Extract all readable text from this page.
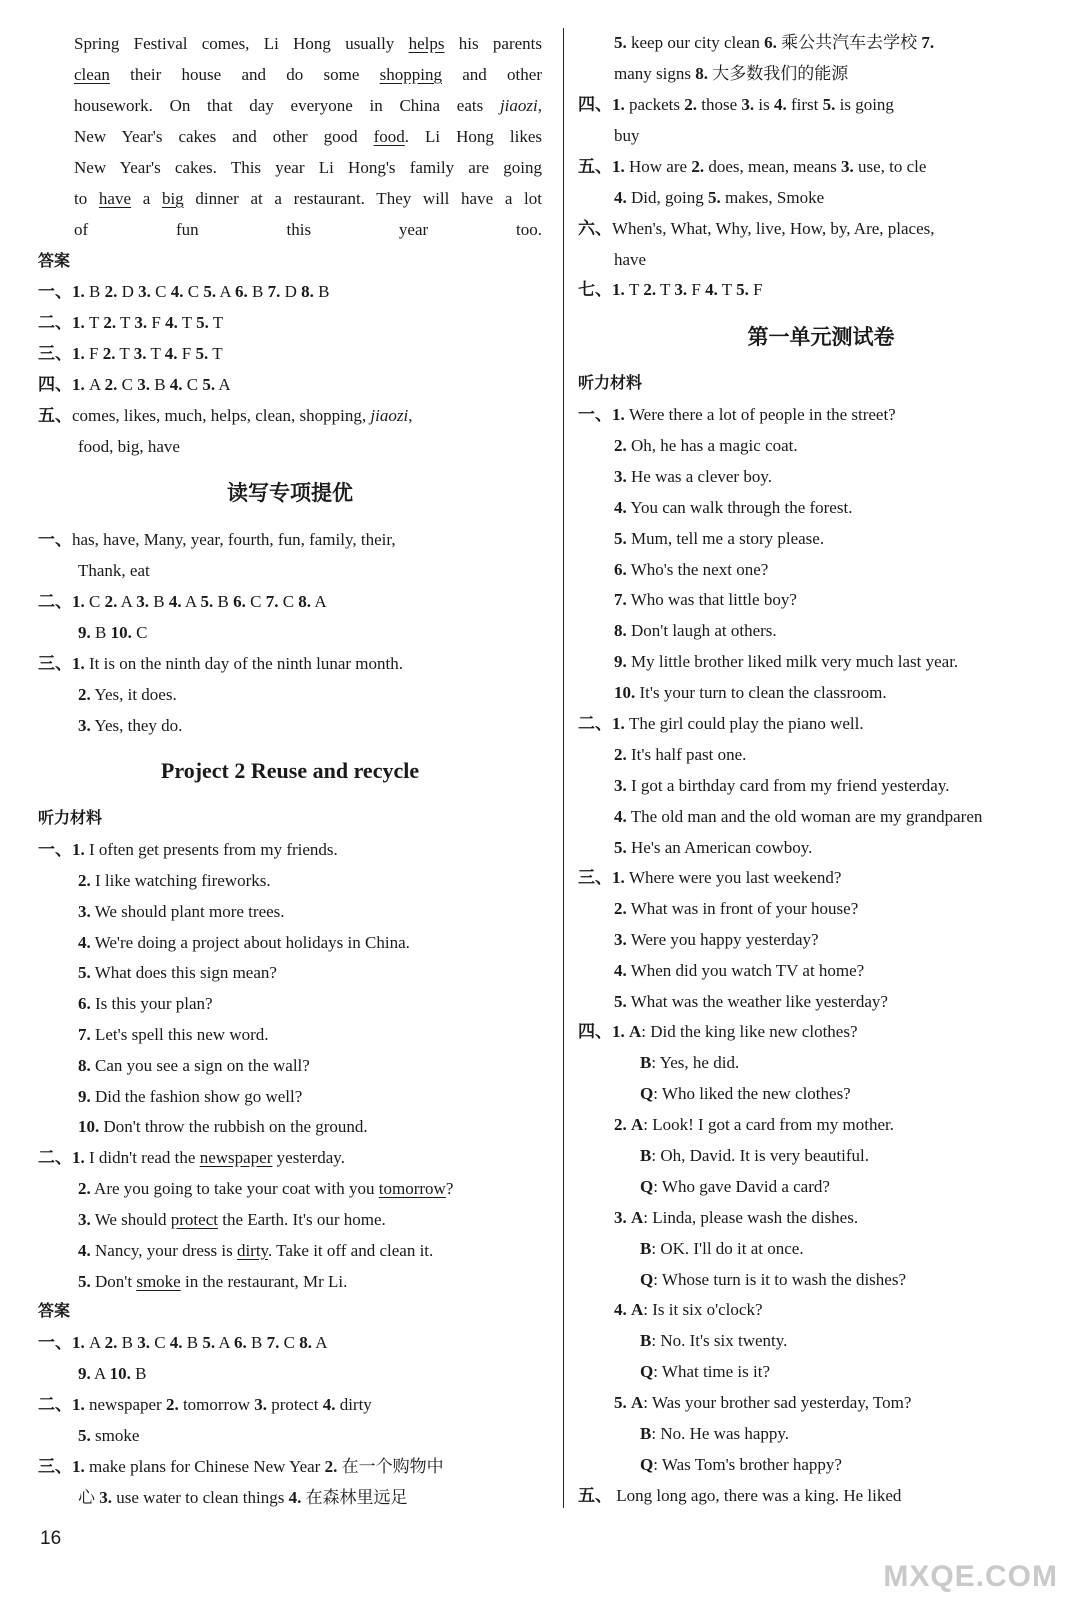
Spring Festival comes, Li Hong usually helps his parents
clean their house and do some shopping and other
housework. On that day everyone in China eats jiaozi,
New Year's cakes and other good food. Li Hong likes
New Year's cakes. This year Li Hong's family are going
to have a big dinner at a restaurant. They will have a lot
of fun this year too.
答案
一、1. B 2. D 3. C 4. C 5. A 6. B 7. D 8. B
二、1. T 2. T 3. F 4. T 5. T
三、1. F 2. T 3. T 4. F 5. T
四、1. A 2. C 3. B 4. C 5. A
五、comes, likes, much, helps, clean, shopping, jiaozi,
food, big, have
读写专项提优
一、has, have, Many, year, fourth, fun, family, their,
Thank, eat
二、1. C 2. A 3. B 4. A 5. B 6. C 7. C 8. A
9. B 10. C
三、1. It is on the ninth day of the ninth lunar month.
2. Yes, it does.
3. Yes, they do.
Project 2 Reuse and recycle
听力材料
一、1. I often get presents from my friends.
2. I like watching fireworks.
3. We should plant more trees.
4. We're doing a project about holidays in China.
5. What does this sign mean?
6. Is this your plan?
7. Let's spell this new word.
8. Can you see a sign on the wall?
9. Did the fashion show go well?
10. Don't throw the rubbish on the ground.
二、1. I didn't read the newspaper yesterday.
2. Are you going to take your coat with you tomorrow?
3. We should protect the Earth. It's our home.
4. Nancy, your dress is dirty. Take it off and clean it.
5. Don't smoke in the restaurant, Mr Li.
答案
一、1. A 2. B 3. C 4. B 5. A 6. B 7. C 8. A
9. A 10. B
二、1. newspaper 2. tomorrow 3. protect 4. dirty
5. smoke
三、1. make plans for Chinese New Year 2. 在一个购物中
心 3. use water to clean things 4. 在森林里远足
5. keep our city clean 6. 乘公共汽车去学校 7.
many signs 8. 大多数我们的能源
四、1. packets 2. those 3. is 4. first 5. is going
buy
五、1. How are 2. does, mean, means 3. use, to cle
4. Did, going 5. makes, Smoke
六、When's, What, Why, live, How, by, Are, places,
have
七、1. T 2. T 3. F 4. T 5. F
第一单元测试卷
听力材料
一、1. Were there a lot of people in the street?
2. Oh, he has a magic coat.
3. He was a clever boy.
4. You can walk through the forest.
5. Mum, tell me a story please.
6. Who's the next one?
7. Who was that little boy?
8. Don't laugh at others.
9. My little brother liked milk very much last year.
10. It's your turn to clean the classroom.
二、1. The girl could play the piano well.
2. It's half past one.
3. I got a birthday card from my friend yesterday.
4. The old man and the old woman are my grandparen
5. He's an American cowboy.
三、1. Where were you last weekend?
2. What was in front of your house?
3. Were you happy yesterday?
4. When did you watch TV at home?
5. What was the weather like yesterday?
四、1. A: Did the king like new clothes?
B: Yes, he did.
Q: Who liked the new clothes?
2. A: Look! I got a card from my mother.
B: Oh, David. It is very beautiful.
Q: Who gave David a card?
3. A: Linda, please wash the dishes.
B: OK. I'll do it at once.
Q: Whose turn is it to wash the dishes?
4. A: Is it six o'clock?
B: No. It's six twenty.
Q: What time is it?
5. A: Was your brother sad yesterday, Tom?
B: No. He was happy.
Q: Was Tom's brother happy?
五、 Long long ago, there was a king. He liked
16
MXQE.COM
